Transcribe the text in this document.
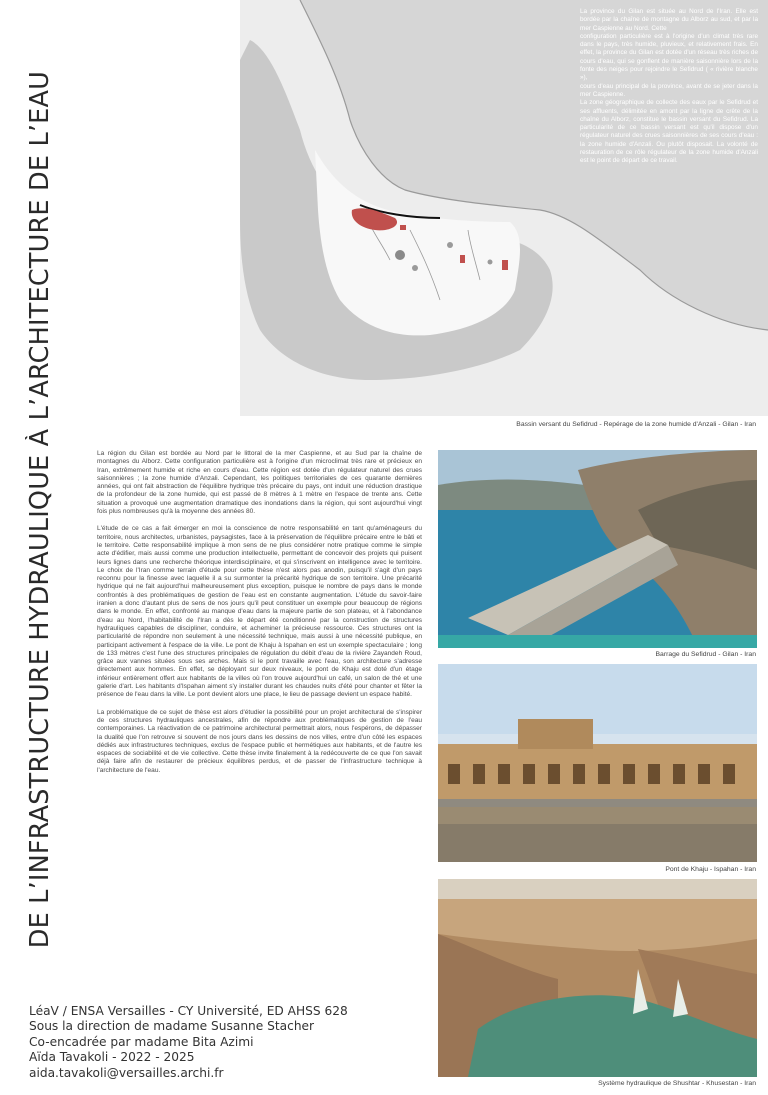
DE L’INFRASTRUCTURE HYDRAULIQUE À L’ARCHITECTURE DE L’EAU

La province du Gilan est située au Nord de l'Iran. Elle est bordée par la chaîne de montagne du Alborz au sud, et par la mer Caspienne au Nord. Cette

configuration particulière est à l'origine d'un climat très rare dans le pays, très humide, pluvieux, et relativement frais. En effet, la province du Gilan est dotée d'un réseau très riches de cours d'eau, qui se gonflent de manière saisonnière lors de la fonte des neiges pour rejoindre le Sefidrud ( « rivière blanche »),

cours d'eau principal de la province, avant de se jeter dans la mer Caspienne.

La zone géographique de collecte des eaux par le Sefidrud et ses affluents, délimitée en amont par la ligne de crête de la chaîne du Alborz, constitue le bassin versant du Sefidrud. La particularité de ce bassin versant est qu'il dispose d'un régulateur naturel des crues saisonnières de ses cours d'eau : la zone humide d'Anzali. Ou plutôt disposait. La volonté de restauration de ce rôle régulateur de la zone humide d'Anzali est le point de départ de ce travail.

Bassin versant du Sefidrud - Repérage de la zone humide d'Anzali - Gilan - Iran

La région du Gilan est bordée au Nord par le littoral de la mer Caspienne, et au Sud par la chaîne de montagnes du Alborz. Cette configuration particulière est à l'origine d'un microclimat très rare et précieux en Iran, extrêmement humide et riche en cours d'eau. Cette région est dotée d'un régulateur naturel des crues saisonnières ; la zone humide d'Anzali. Cependant, les politiques territoriales de ces quarante dernières années, qui ont fait abstraction de l'équilibre hydrique très précaire du pays, ont induit une réduction drastique de la profondeur de la zone humide, qui est passé de 8 mètres à 1 mètre en l'espace de trente ans. Cette situation a provoqué une augmentation dramatique des inondations dans la région, qui sont aujourd'hui vingt fois plus nombreuses qu'à la moyenne des années 80.

L'étude de ce cas a fait émerger en moi la conscience de notre responsabilité en tant qu'aménageurs du territoire, nous architectes, urbanistes, paysagistes, face à la préservation de l'équilibre précaire entre le bâti et le territoire. Cette responsabilité implique à mon sens de ne plus considérer notre pratique comme le simple acte d'édifier, mais aussi comme une production intellectuelle, permettant de concevoir des projets qui puisent leurs lignes dans une recherche théorique interdisciplinaire, et qui s'inscrivent en intelligence avec le territoire. Le choix de l'Iran comme terrain d'étude pour cette thèse n'est alors pas anodin, puisqu'il s'agit d'un pays reconnu pour la finesse avec laquelle il a su surmonter la précarité hydrique de son territoire. Une précarité hydrique qui ne fait aujourd'hui malheureusement plus exception, puisque le nombre de pays dans le monde confrontés à des problématiques de gestion de l'eau est en constante augmentation. L'étude du savoir-faire iranien a donc d'autant plus de sens de nos jours qu'il peut constituer un exemple pour beaucoup de régions dans le monde. En effet, confronté au manque d'eau dans la majeure partie de son plateau, et à l'abondance d'eau au Nord, l'habitabilité de l'Iran a dès le départ été conditionné par la construction de structures hydrauliques capables de discipliner, conduire, et acheminer la précieuse ressource. Ces structures ont la particularité de répondre non seulement à une nécessité technique, mais aussi à une nécessité publique, en participant activement à l'espace de la ville. Le pont de Khaju à Ispahan en est un exemple spectaculaire ; long de 133 mètres c'est l'une des structures principales de régulation du débit d'eau de la rivière Zayandeh Roud, grâce aux vannes situées sous ses arches. Mais si le pont travaille avec l'eau, son architecture s'adresse directement aux hommes. En effet, se déployant sur deux niveaux, le pont de Khaju est doté d'un étage inférieur entièrement offert aux habitants de la villes où l'on trouve aujourd'hui un café, un salon de thé et une galerie d'art. Les habitants d'Ispahan aiment s'y installer durant les chaudes nuits d'été pour chanter et fêter la présence de l'eau dans la ville. Le pont devient alors une place, le lieu de passage devient un espace habité.

La problématique de ce sujet de thèse est alors d'étudier la possibilité pour un projet architectural de s'inspirer de ces structures hydrauliques ancestrales, afin de répondre aux problématiques de gestion de l'eau contemporaines. La réactivation de ce patrimoine architectural permettrait alors, nous l'espérons, de dépasser la dualité que l'on retrouve si souvent de nos jours dans les dessins de nos villes, entre d'un côté les espaces dédiés aux infrastructures techniques, exclus de l'espace public et hermétiques aux habitants, et de l'autre les espaces de sociabilité et de vie collective. Cette thèse invite finalement à la redécouverte de ce que l'on savait déjà faire afin de restaurer de précieux équilibres perdus, et de passer de l'infrastructure technique à l'architecture de l'eau.

Barrage du Sefidrud - Gilan - Iran
Pont de Khaju - Ispahan - Iran
Système hydraulique de Shushtar - Khusestan - Iran
LéaV / ENSA Versailles - CY Université, ED AHSS 628
Sous la direction de madame Susanne Stacher
Co-encadrée par madame Bita Azimi
Aïda Tavakoli - 2022 - 2025
aida.tavakoli@versailles.archi.fr
